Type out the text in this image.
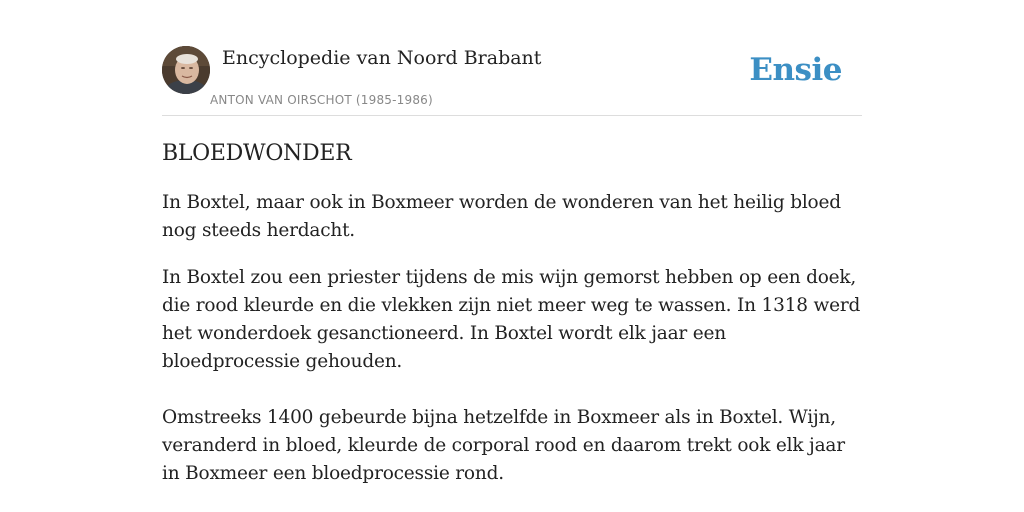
Encyclopedie van Noord Brabant
ANTON VAN OIRSCHOT (1985-1986)
Ensie
BLOEDWONDER

In Boxtel, maar ook in Boxmeer worden de wonderen van het heilig bloed nog steeds herdacht.

In Boxtel zou een priester tijdens de mis wijn gemorst hebben op een doek, die rood kleurde en die vlekken zijn niet meer weg te wassen. In 1318 werd het wonderdoek gesanctioneerd. In Boxtel wordt elk jaar een bloedprocessie gehouden.

Omstreeks 1400 gebeurde bijna hetzelfde in Boxmeer als in Boxtel. Wijn, veranderd in bloed, kleurde de corporal rood en daarom trekt ook elk jaar in Boxmeer een bloedprocessie rond.
